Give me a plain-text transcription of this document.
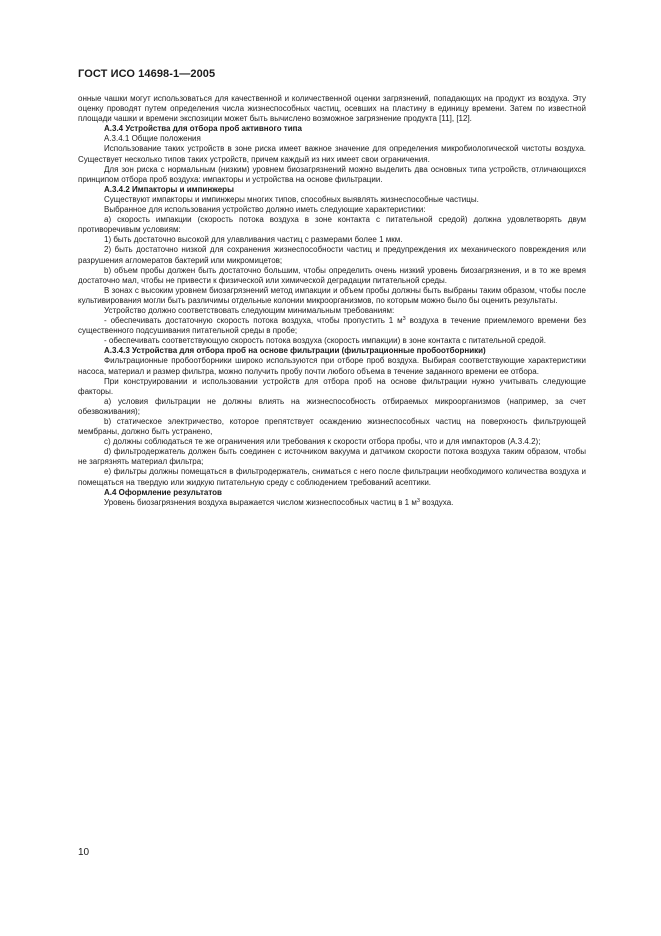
ГОСТ ИСО 14698-1—2005

онные чашки могут использоваться для качественной и количественной оценки загрязнений, попадающих на продукт из воздуха. Эту оценку проводят путем определения числа жизнеспособных частиц, осевших на пластину в единицу времени. Затем по известной площади чашки и времени экспозиции может быть вычислено возможное загрязнение продукта [11], [12].

А.3.4 Устройства для отбора проб активного типа

А.3.4.1 Общие положения

Использование таких устройств в зоне риска имеет важное значение для определения микробиологической чистоты воздуха. Существует несколько типов таких устройств, причем каждый из них имеет свои ограничения.

Для зон риска с нормальным (низким) уровнем биозагрязнений можно выделить два основных типа устройств, отличающихся принципом отбора проб воздуха: импакторы и устройства на основе фильтрации.

А.3.4.2 Импакторы и импинжеры

Существуют импакторы и импинжеры многих типов, способных выявлять жизнеспособные частицы.

Выбранное для использования устройство должно иметь следующие характеристики:

а) скорость импакции (скорость потока воздуха в зоне контакта с питательной средой) должна удовлетворять двум противоречивым условиям:

1) быть достаточно высокой для улавливания частиц с размерами более 1 мкм.

2) быть достаточно низкой для сохранения жизнеспособности частиц и предупреждения их механического повреждения или разрушения агломератов бактерий или микромицетов;

b) объем пробы должен быть достаточно большим, чтобы определить очень низкий уровень биозагрязнения, и в то же время достаточно мал, чтобы не привести к физической или химической деградации питательной среды.

В зонах с высоким уровнем биозагрязнений метод импакции и объем пробы должны быть выбраны таким образом, чтобы после культивирования могли быть различимы отдельные колонии микроорганизмов, по которым можно было бы оценить результаты.

Устройство должно соответствовать следующим минимальным требованиям:

- обеспечивать достаточную скорость потока воздуха, чтобы пропустить 1 $м^3$ воздуха в течение приемлемого времени без существенного подсушивания питательной среды в пробе;

- обеспечивать соответствующую скорость потока воздуха (скорость импакции) в зоне контакта с питательной средой.

А.3.4.3 Устройства для отбора проб на основе фильтрации (фильтрационные пробоотборники)

Фильтрационные пробоотборники широко используются при отборе проб воздуха. Выбирая соответствующие характеристики насоса, материал и размер фильтра, можно получить пробу почти любого объема в течение заданного времени ее отбора.

При конструировании и использовании устройств для отбора проб на основе фильтрации нужно учитывать следующие факторы.

а) условия фильтрации не должны влиять на жизнеспособность отбираемых микроорганизмов (например, за счет обезвоживания);

b) статическое электричество, которое препятствует осаждению жизнеспособных частиц на поверхность фильтрующей мембраны, должно быть устранено,

с) должны соблюдаться те же ограничения или требования к скорости отбора пробы, что и для импакторов (А.3.4.2);

d) фильтродержатель должен быть соединен с источником вакуума и датчиком скорости потока воздуха таким образом, чтобы не загрязнять материал фильтра;

е) фильтры должны помещаться в фильтродержатель, сниматься с него после фильтрации необходимого количества воздуха и помещаться на твердую или жидкую питательную среду с соблюдением требований асептики.

А.4 Оформление результатов

Уровень биозагрязнения воздуха выражается числом жизнеспособных частиц в 1 $м^3$ воздуха.

10
